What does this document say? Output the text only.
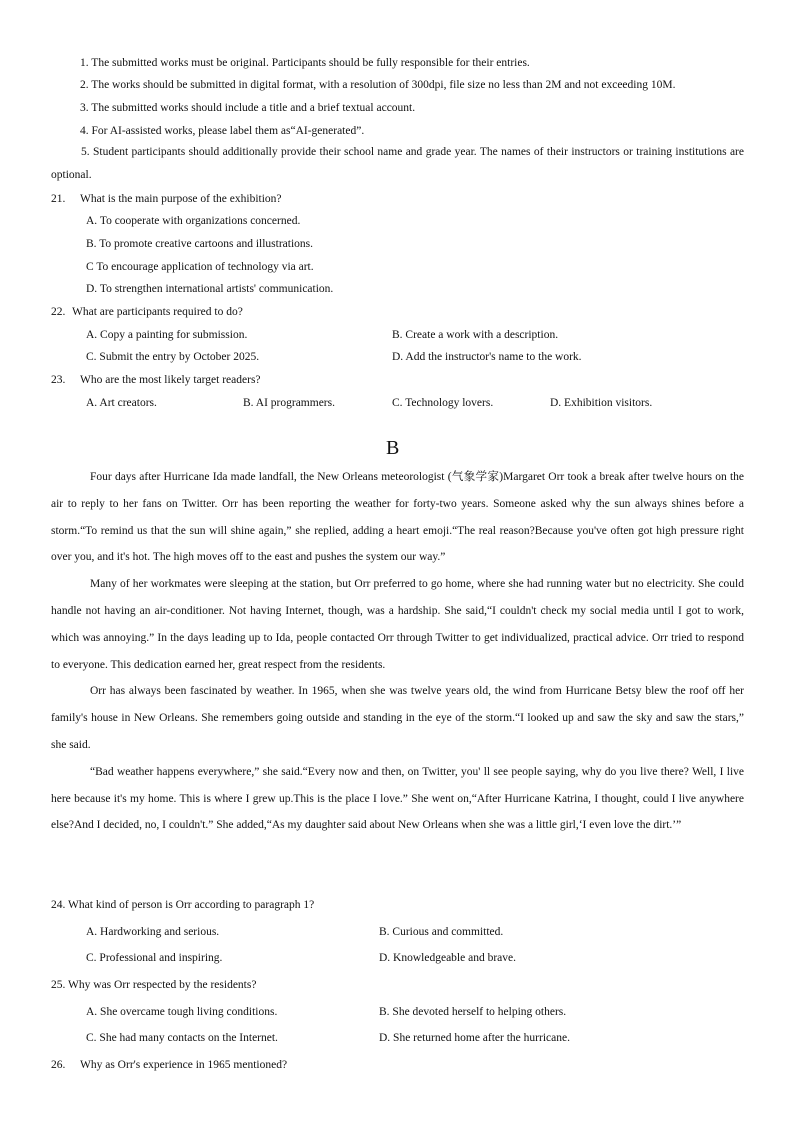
1. The submitted works must be original. Participants should be fully responsible for their entries.
2. The works should be submitted in digital format, with a resolution of 300dpi, file size no less than 2M and not exceeding 10M.
3. The submitted works should include a title and a brief textual account.
4. For AI-assisted works, please label them as“AI-generated”.

5. Student participants should additionally provide their school name and grade year. The names of their instructors or training institutions are optional.

21. What is the main purpose of the exhibition?
A. To cooperate with organizations concerned.
B. To promote creative cartoons and illustrations.
C To encourage application of technology via art.
D. To strengthen international artists' communication.
22. What are participants required to do?
A. Copy a painting for submission.	B. Create a work with a description.
C. Submit the entry by October 2025.	D. Add the instructor's name to the work.
23. Who are the most likely target readers?
A. Art creators.	B. AI programmers.	C. Technology lovers.	D. Exhibition visitors.
B

Four days after Hurricane Ida made landfall, the New Orleans meteorologist (气象学家)Margaret Orr took a break after twelve hours on the air to reply to her fans on Twitter. Orr has been reporting the weather for forty-two years. Someone asked why the sun always shines before a storm.“To remind us that the sun will shine again,” she replied, adding a heart emoji.“The real reason?Because you've often got high pressure right over you, and it's hot. The high moves off to the east and pushes the system our way.”

Many of her workmates were sleeping at the station, but Orr preferred to go home, where she had running water but no electricity. She could handle not having an air-conditioner. Not having Internet, though, was a hardship. She said,“I couldn't check my social media until I got to work, which was annoying.” In the days leading up to Ida, people contacted Orr through Twitter to get individualized, practical advice. Orr tried to respond to everyone. This dedication earned her, great respect from the residents.

Orr has always been fascinated by weather. In 1965, when she was twelve years old, the wind from Hurricane Betsy blew the roof off her family's house in New Orleans. She remembers going outside and standing in the eye of the storm.“I looked up and saw the sky and saw the stars,” she said.

“Bad weather happens everywhere,” she said.“Every now and then, on Twitter, you' ll see people saying, why do you live there? Well, I live here because it's my home. This is where I grew up.This is the place I love.” She went on,“After Hurricane Katrina, I thought, could I live anywhere else?And I decided, no, I couldn't.” She added,“As my daughter said about New Orleans when she was a little girl,‘I even love the dirt.’”

24. What kind of person is Orr according to paragraph 1?
A. Hardworking and serious.	B. Curious and committed.
C. Professional and inspiring.	D. Knowledgeable and brave.
25. Why was Orr respected by the residents?
A. She overcame tough living conditions.	B. She devoted herself to helping others.
C. She had many contacts on the Internet.	D. She returned home after the hurricane.
26. Why as Orr's experience in 1965 mentioned?
